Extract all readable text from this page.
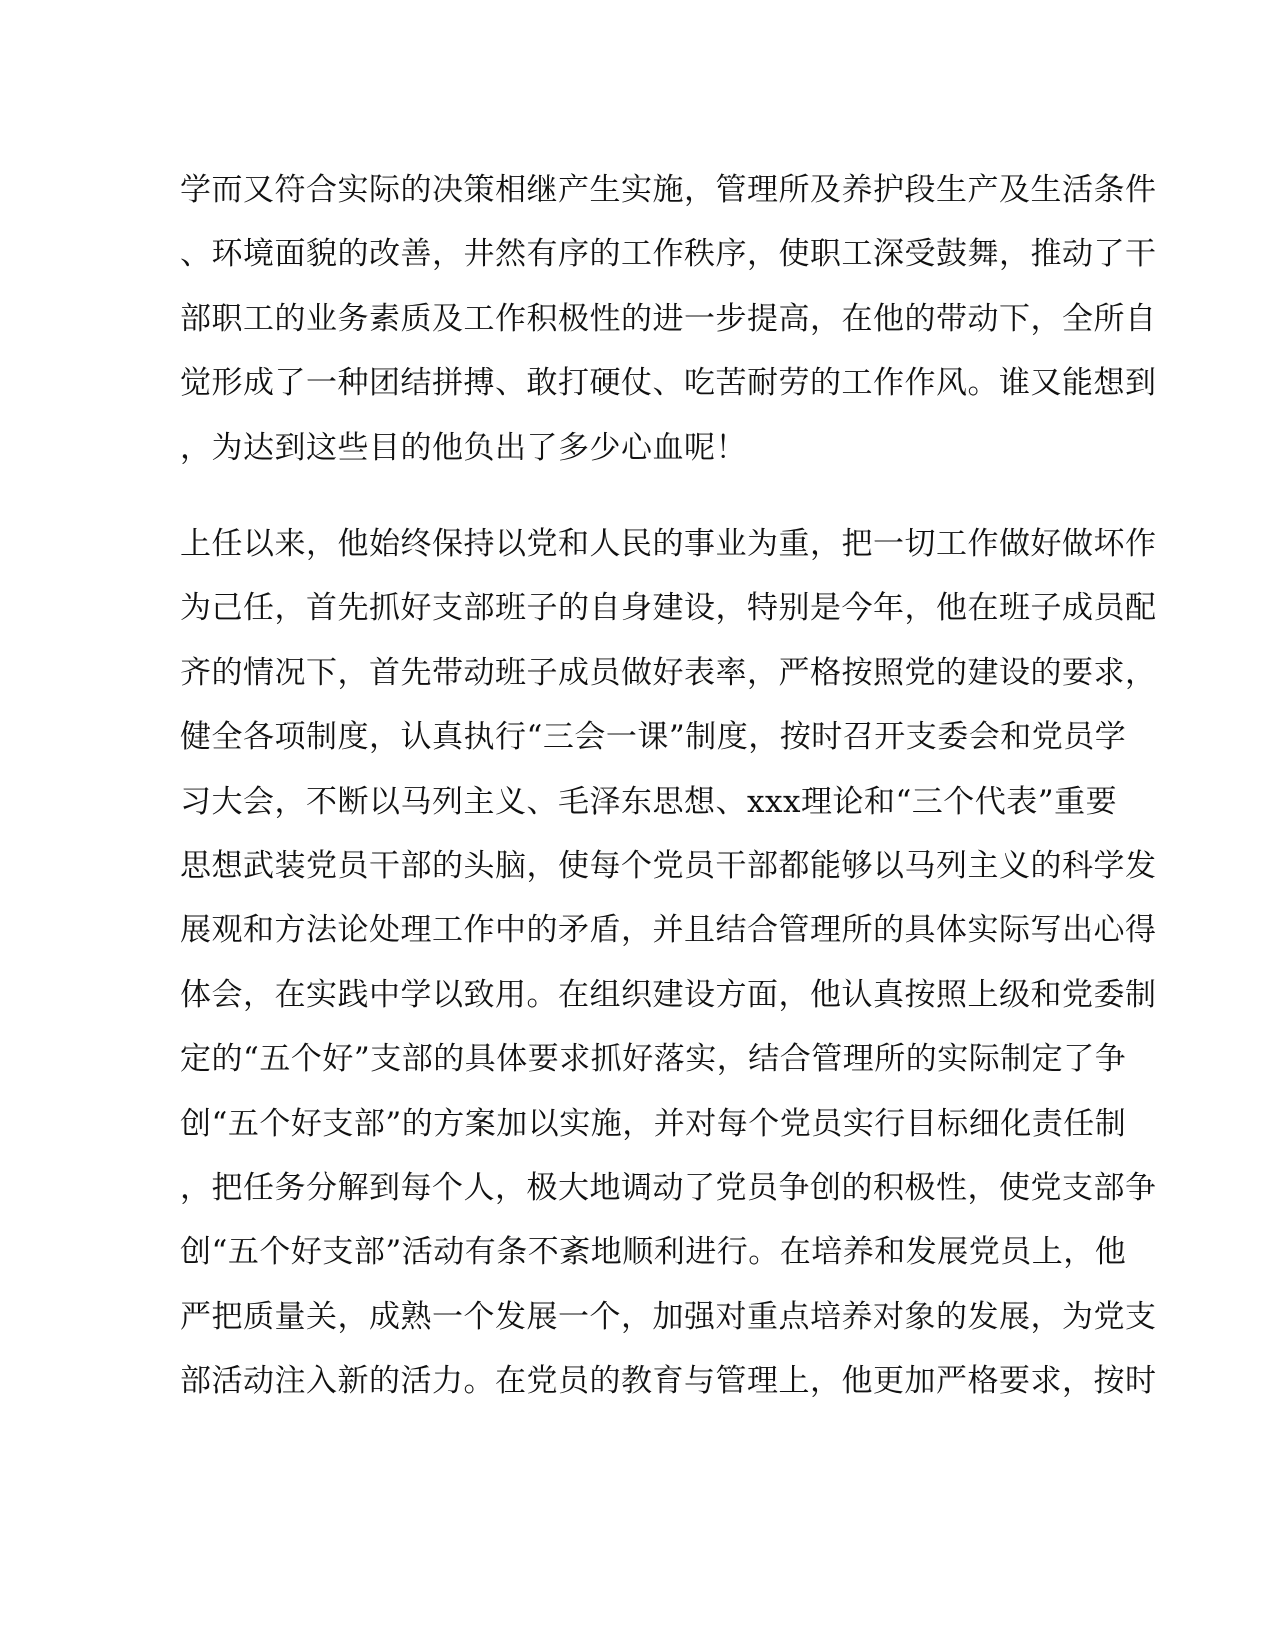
学而又符合实际的决策相继产生实施，管理所及养护段生产及生活条件
、环境面貌的改善，井然有序的工作秩序，使职工深受鼓舞，推动了干
部职工的业务素质及工作积极性的进一步提高，在他的带动下，全所自
觉形成了一种团结拼搏、敢打硬仗、吃苦耐劳的工作作风。谁又能想到
，为达到这些目的他负出了多少心血呢！
上任以来，他始终保持以党和人民的事业为重，把一切工作做好做坏作
为己任，首先抓好支部班子的自身建设，特别是今年，他在班子成员配
齐的情况下，首先带动班子成员做好表率，严格按照党的建设的要求，
健全各项制度，认真执行“三会一课”制度，按时召开支委会和党员学
习大会，不断以马列主义、毛泽东思想、xxx理论和“三个代表”重要
思想武装党员干部的头脑，使每个党员干部都能够以马列主义的科学发
展观和方法论处理工作中的矛盾，并且结合管理所的具体实际写出心得
体会，在实践中学以致用。在组织建设方面，他认真按照上级和党委制
定的“五个好”支部的具体要求抓好落实，结合管理所的实际制定了争
创“五个好支部”的方案加以实施，并对每个党员实行目标细化责任制
，把任务分解到每个人，极大地调动了党员争创的积极性，使党支部争
创“五个好支部”活动有条不紊地顺利进行。在培养和发展党员上，他
严把质量关，成熟一个发展一个，加强对重点培养对象的发展，为党支
部活动注入新的活力。在党员的教育与管理上，他更加严格要求，按时
